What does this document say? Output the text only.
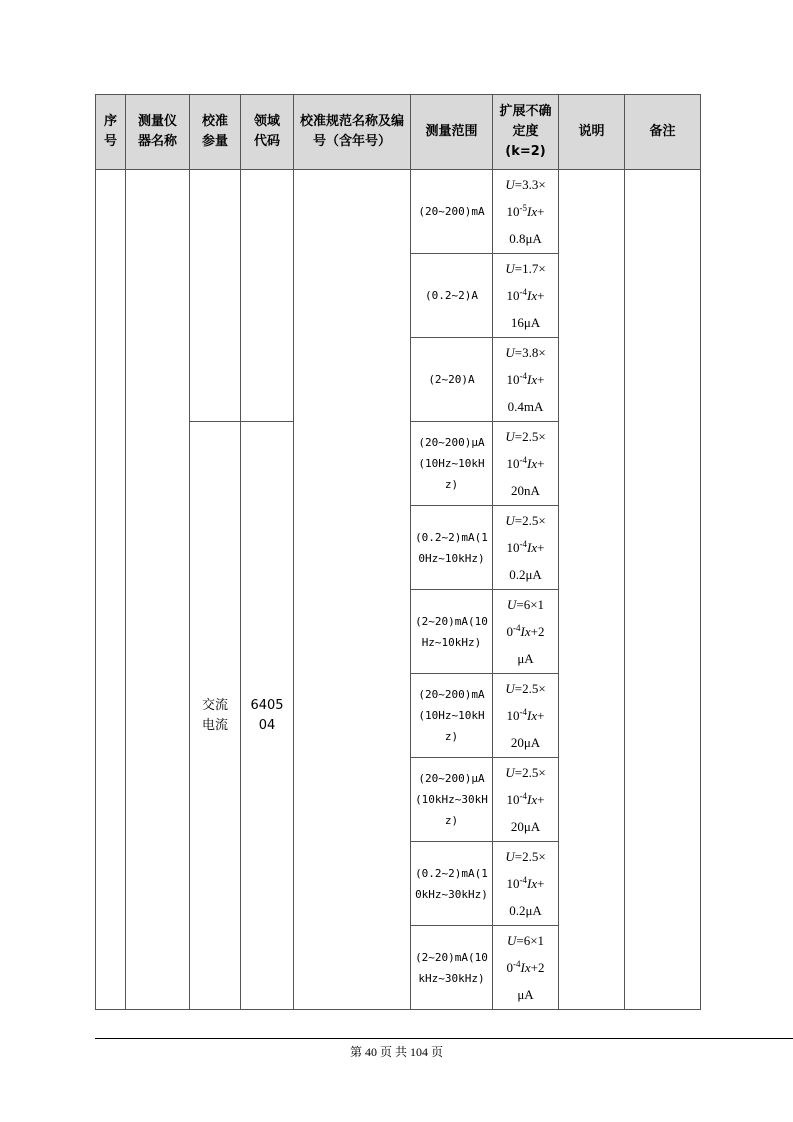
序号	测量仪器名称	校准参量	领域代码	校准规范名称及编号（含年号）	测量范围	扩展不确定度(k=2)	说明	备注
					(20~200)mA	U=3.3×
$10^{-5}Ix+$
0.8μA		

					(0.2~2)A	U=1.7×
$10^{-4}Ix+$
16μA		

					(2~20)A	U=3.8×
$10^{-4}Ix+$
0.4mA		

		交流电流	640504		(20~200)μA(10Hz~10kHz)	U=2.5×
$10^{-4}Ix+$
20nA		

					(0.2~2)mA(10Hz~10kHz)	U=2.5×
$10^{-4}Ix+$
0.2μA		

					(2~20)mA(10Hz~10kHz)	U=6×1
$0^{-4}Ix+2$
μA		

					(20~200)mA(10Hz~10kHz)	U=2.5×
$10^{-4}Ix+$
20μA		

					(20~200)μA(10kHz~30kHz)	U=2.5×
$10^{-4}Ix+$
20μA		

					(0.2~2)mA(10kHz~30kHz)	U=2.5×
$10^{-4}Ix+$
0.2μA		

					(2~20)mA(10kHz~30kHz)	U=6×1
$0^{-4}Ix+2$
μA		
第 40 页 共 104 页
